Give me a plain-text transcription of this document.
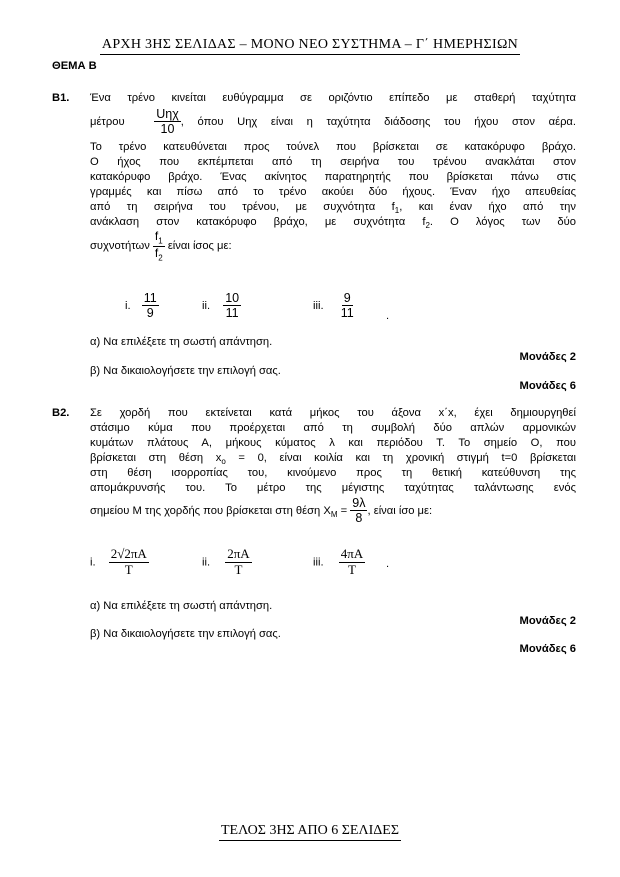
ΑΡΧΗ 3ΗΣ ΣΕΛΙΔΑΣ – ΜΟΝΟ ΝΕΟ ΣΥΣΤΗΜΑ – Γ΄ ΗΜΕΡΗΣΙΩΝ
ΘΕΜΑ Β
Β1. Ένα τρένο κινείται ευθύγραμμα σε οριζόντιο επίπεδο με σταθερή ταχύτητα
μέτρου $\frac{\text{Uηχ}}{10}$ , όπου Uηχ είναι η ταχύτητα διάδοσης του ήχου στον αέρα.
Το τρένο κατευθύνεται προς τούνελ που βρίσκεται σε κατακόρυφο βράχο.
Ο ήχος που εκπέμπεται από τη σειρήνα του τρένου ανακλάται στον
κατακόρυφο βράχο. Ένας ακίνητος παρατηρητής που βρίσκεται πάνω στις
γραμμές και πίσω από το τρένο ακούει δύο ήχους. Έναν ήχο απευθείας
από τη σειρήνα του τρένου, με συχνότητα $f_1$, και έναν ήχο από την
ανάκλαση στον κατακόρυφο βράχο, με συχνότητα $f_2$. Ο λόγος των δύο
συχνοτήτων $\frac{f_1}{f_2}$ είναι ίσος με:
i. $\frac{11}{9}$	ii. $\frac{10}{11}$	iii. $\frac{9}{11}$	.
α) Να επιλέξετε τη σωστή απάντηση.
Μονάδες 2
β) Να δικαιολογήσετε την επιλογή σας.
Μονάδες 6
Β2. Σε χορδή που εκτείνεται κατά μήκος του άξονα x΄x, έχει δημιουργηθεί
στάσιμο κύμα που προέρχεται από τη συμβολή δύο απλών αρμονικών
κυμάτων πλάτους Α, μήκους κύματος λ και περιόδου Τ. Το σημείο Ο, που
βρίσκεται στη θέση $x_o = 0$, είναι κοιλία και τη χρονική στιγμή t=0 βρίσκεται
στη θέση ισορροπίας του, κινούμενο προς τη θετική κατεύθυνση της
απομάκρυνσής του. Το μέτρο της μέγιστης ταχύτητας ταλάντωσης ενός
σημείου Μ της χορδής που βρίσκεται στη θέση $X_M = \frac{9\lambda}{8}$ , είναι ίσο με:
i. $\frac{2√2\pi A}{T}$	ii. $\frac{2\pi A}{T}$	iii. $\frac{4\pi A}{T}$ .
α) Να επιλέξετε τη σωστή απάντηση.
Μονάδες 2
β) Να δικαιολογήσετε την επιλογή σας.
Μονάδες 6
ΤΕΛΟΣ 3ΗΣ ΑΠΟ 6 ΣΕΛΙΔΕΣ
